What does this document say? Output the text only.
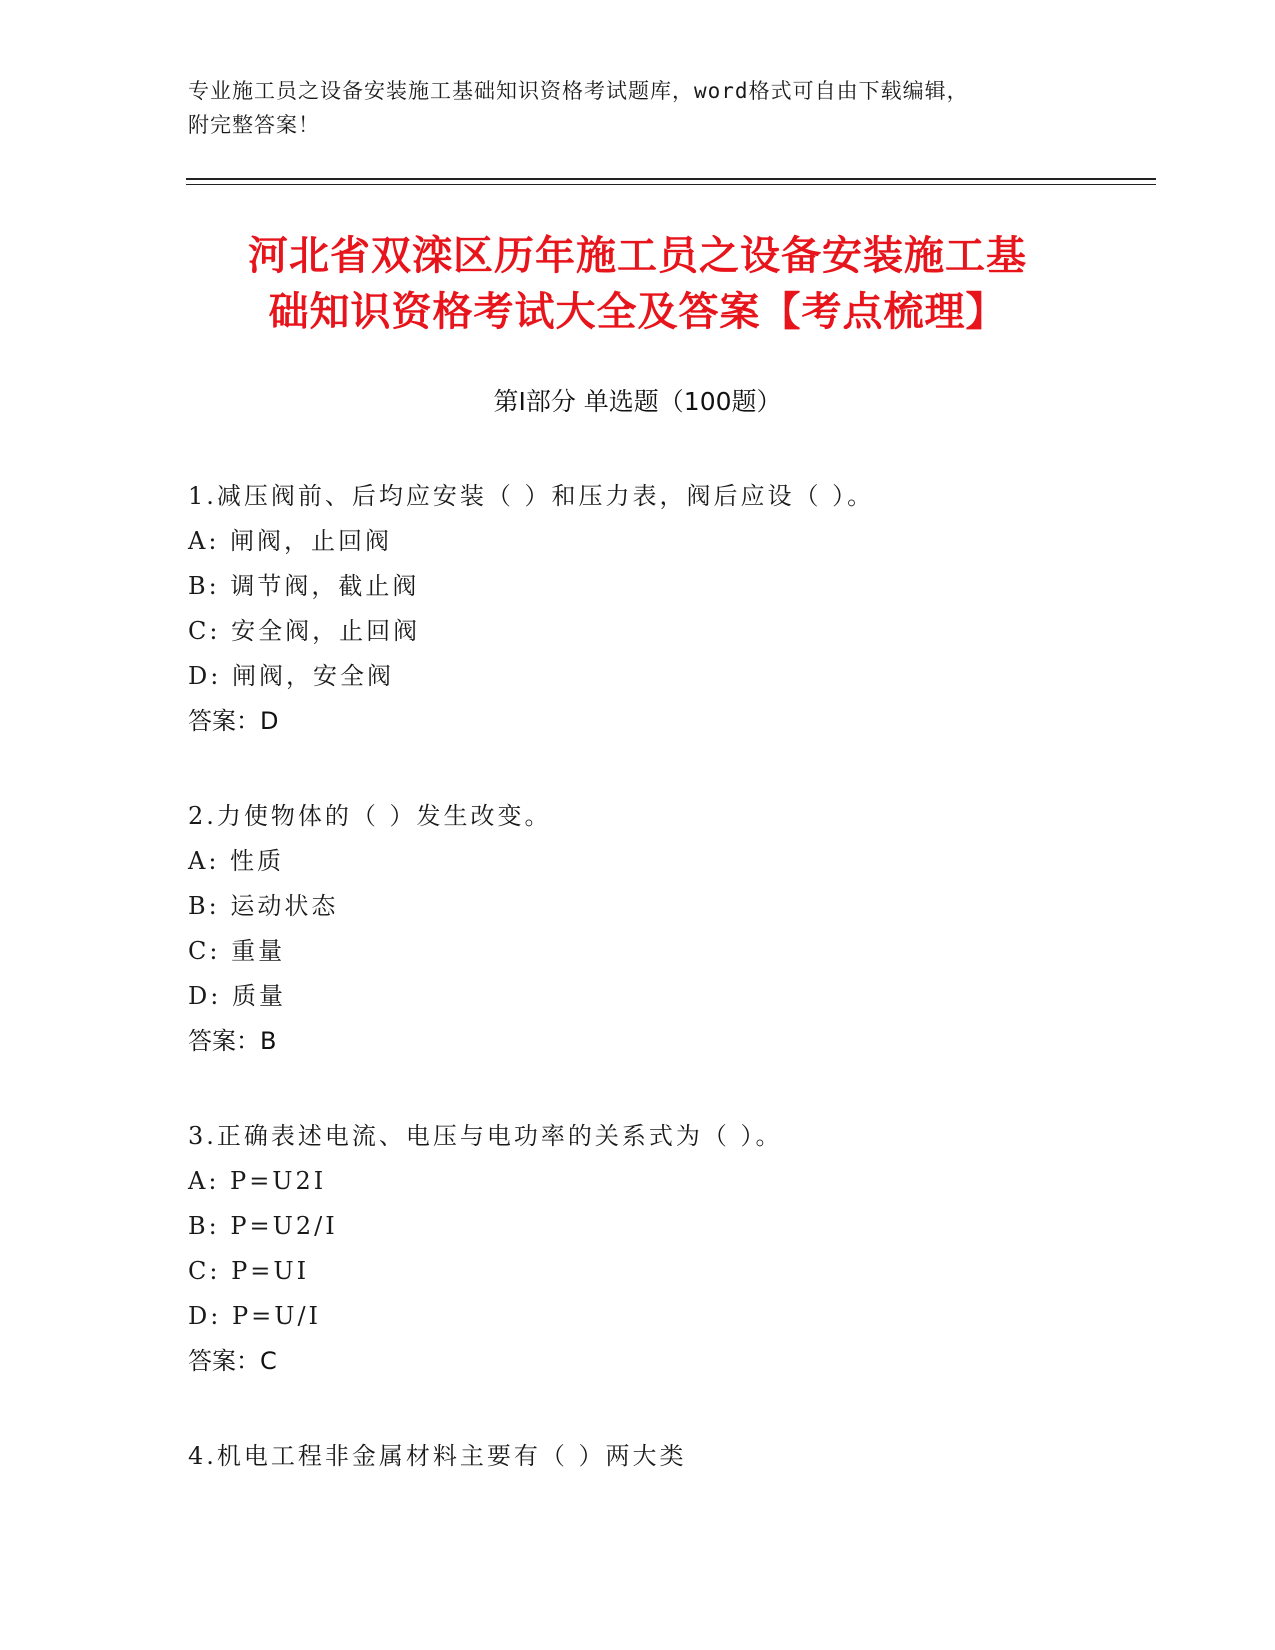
专业施工员之设备安装施工基础知识资格考试题库，word格式可自由下载编辑，
附完整答案！
河北省双滦区历年施工员之设备安装施工基
础知识资格考试大全及答案【考点梳理】
第Ⅰ部分 单选题（100题）
1.减压阀前、后均应安装（ ）和压力表，阀后应设（ ）。
A: 闸阀，止回阀
B: 调节阀，截止阀
C: 安全阀，止回阀
D: 闸阀，安全阀
答案：D
2.力使物体的（ ）发生改变。
A: 性质
B: 运动状态
C: 重量
D: 质量
答案：B
3.正确表述电流、电压与电功率的关系式为（ ）。
A: P=U2I
B: P=U2/I
C: P=UI
D: P=U/I
答案：C
4.机电工程非金属材料主要有（ ）两大类
